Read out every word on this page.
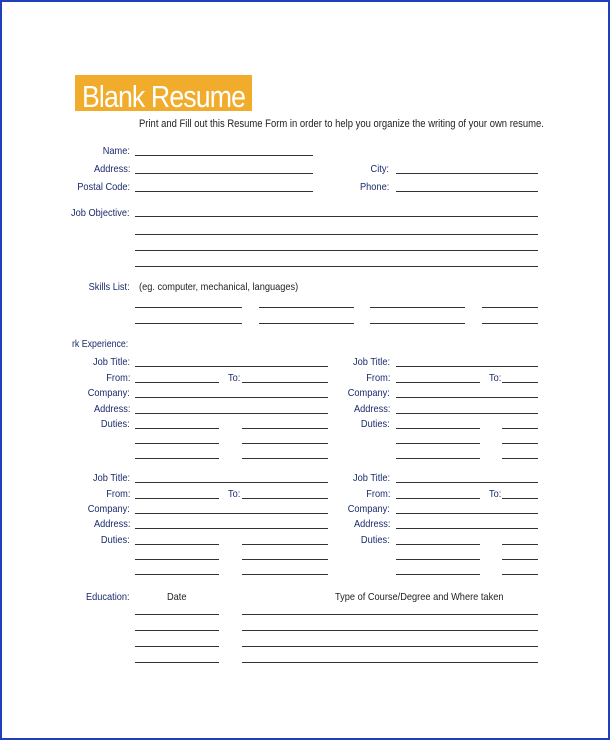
Blank Resume
Print and Fill out this Resume Form in order to help you organize the writing of your own resume.
Name:
Address:
Postal Code:
City:
Phone:
Job Objective:
Skills List: (eg. computer, mechanical, languages)
rk Experience:
Job Title:
From:	To:
Company:
Address:
Duties:
Job Title:
From:	To:
Company:
Address:
Duties:
Job Title:
From:	To:
Company:
Address:
Duties:
Job Title:
From:	To:
Company:
Address:
Duties:
Education:	Date	Type of Course/Degree and Where taken
